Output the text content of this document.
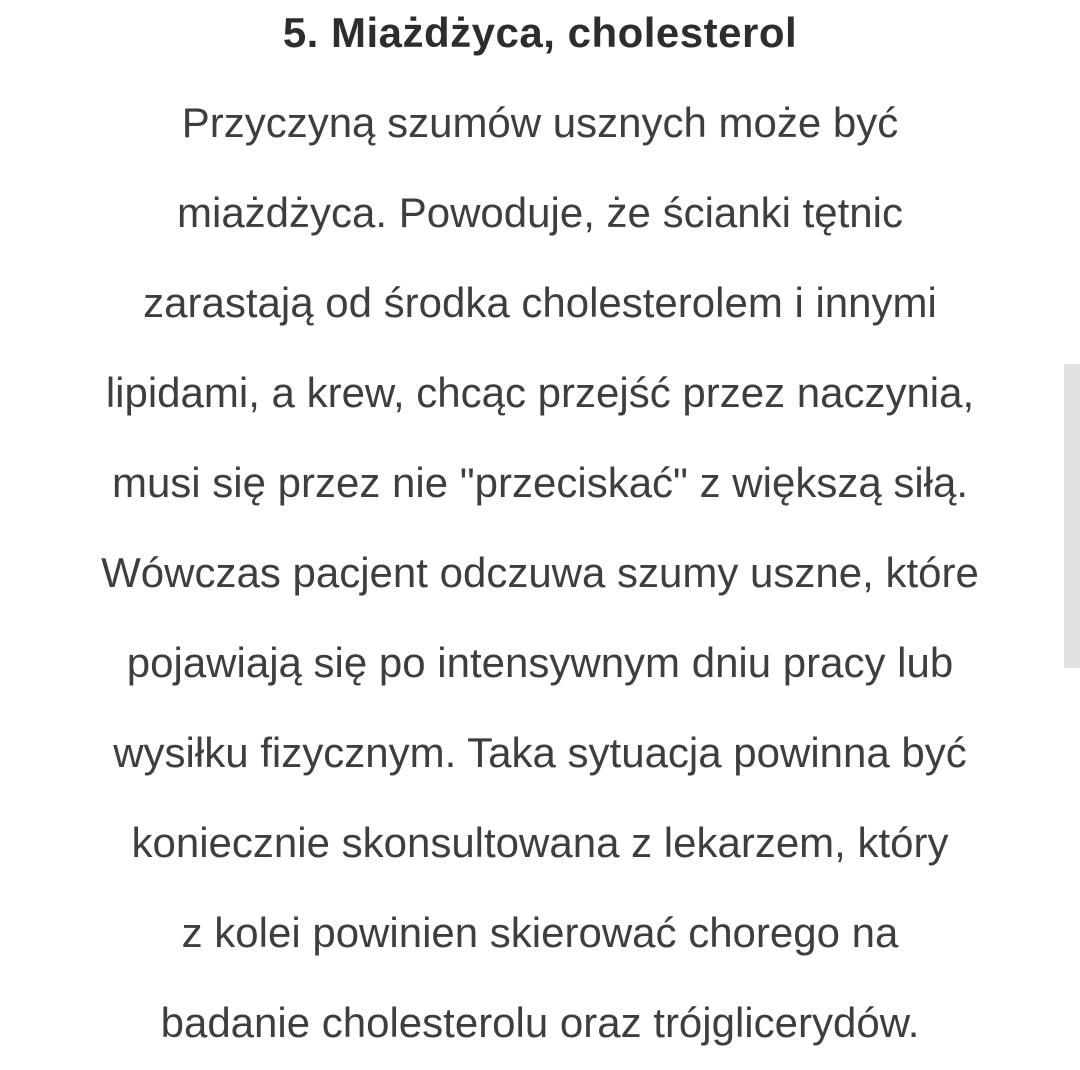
5. Miażdżyca, cholesterol
Przyczyną szumów usznych może być
miażdżyca. Powoduje, że ścianki tętnic
zarastają od środka cholesterolem i innymi
lipidami, a krew, chcąc przejść przez naczynia,
musi się przez nie "przeciskać" z większą siłą.
Wówczas pacjent odczuwa szumy uszne, które
pojawiają się po intensywnym dniu pracy lub
wysiłku fizycznym. Taka sytuacja powinna być
koniecznie skonsultowana z lekarzem, który
z kolei powinien skierować chorego na
badanie cholesterolu oraz trójglicerydów.
